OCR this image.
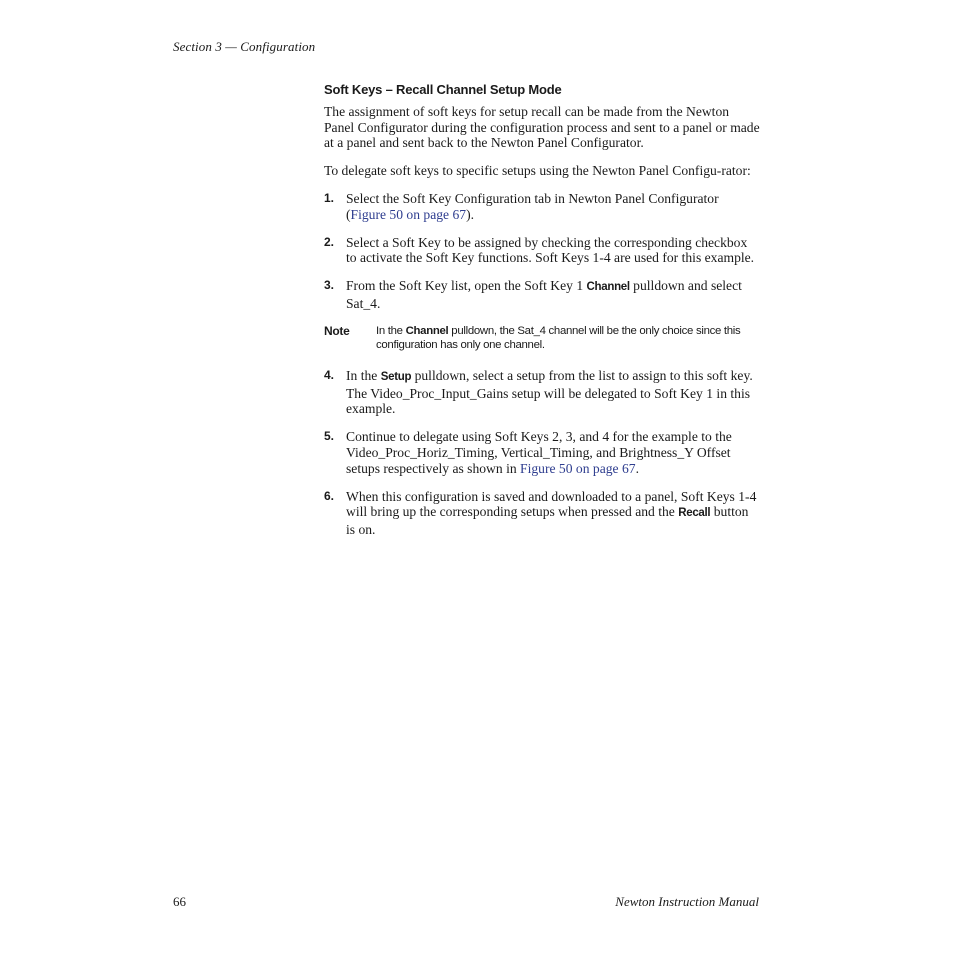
Section 3 — Configuration
Soft Keys – Recall Channel Setup Mode

The assignment of soft keys for setup recall can be made from the Newton Panel Configurator during the configuration process and sent to a panel or made at a panel and sent back to the Newton Panel Configurator.

To delegate soft keys to specific setups using the Newton Panel Configu-rator:

1. Select the Soft Key Configuration tab in Newton Panel Configurator (Figure 50 on page 67).
2. Select a Soft Key to be assigned by checking the corresponding checkbox to activate the Soft Key functions. Soft Keys 1-4 are used for this example.
3. From the Soft Key list, open the Soft Key 1 Channel pulldown and select Sat_4.
Note In the Channel pulldown, the Sat_4 channel will be the only choice since this configuration has only one channel.
4. In the Setup pulldown, select a setup from the list to assign to this soft key. The Video_Proc_Input_Gains setup will be delegated to Soft Key 1 in this example.
5. Continue to delegate using Soft Keys 2, 3, and 4 for the example to the Video_Proc_Horiz_Timing, Vertical_Timing, and Brightness_Y Offset setups respectively as shown in Figure 50 on page 67.
6. When this configuration is saved and downloaded to a panel, Soft Keys 1-4 will bring up the corresponding setups when pressed and the Recall button is on.
66	Newton Instruction Manual
